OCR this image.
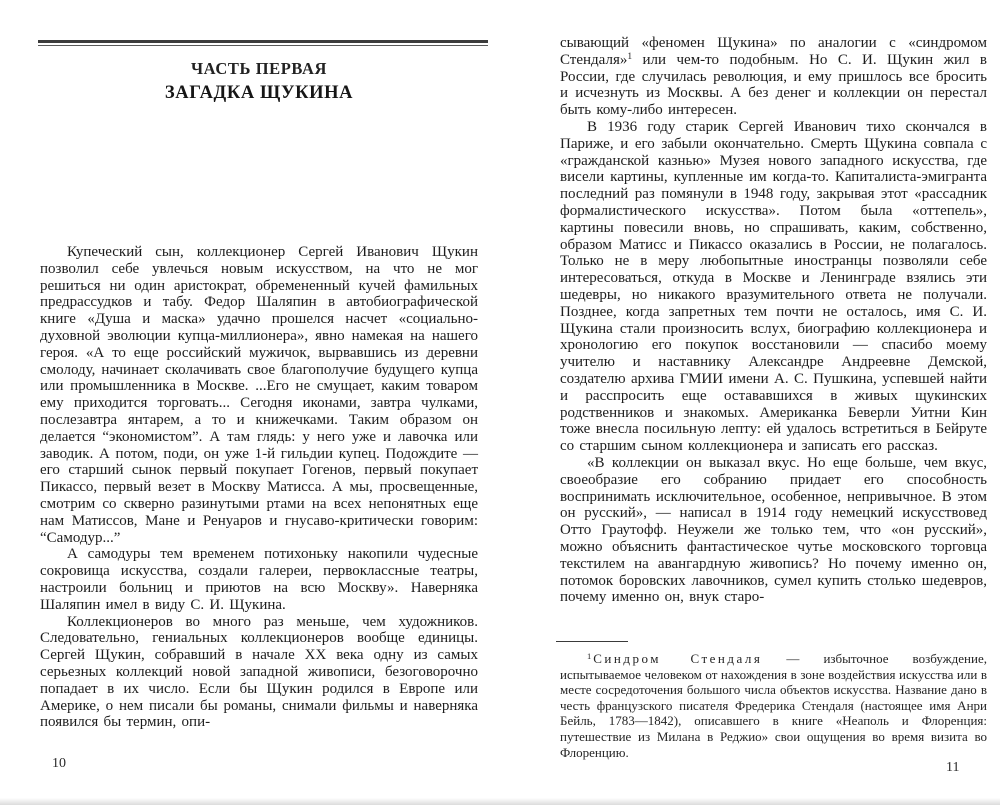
ЧАСТЬ ПЕРВАЯ
ЗАГАДКА ЩУКИНА

Купеческий сын, коллекционер Сергей Иванович Щукин позволил себе увлечься новым искусством, на что не мог решиться ни один аристократ, обремененный кучей фамильных предрассудков и табу. Федор Шаляпин в автобиографической книге «Душа и маска» удачно прошелся насчет «социально-духовной эволюции купца-миллионера», явно намекая на нашего героя. «А то еще российский мужичок, вырвавшись из деревни смолоду, начинает сколачивать свое благополучие будущего купца или промышленника в Москве. ...Его не смущает, каким товаром ему приходится торговать... Сегодня иконами, завтра чулками, послезавтра янтарем, а то и книжечками. Таким образом он делается “экономистом”. А там глядь: у него уже и лавочка или заводик. А потом, поди, он уже 1-й гильдии купец. Подождите — его старший сынок первый покупает Гогенов, первый покупает Пикассо, первый везет в Москву Матисса. А мы, просвещенные, смотрим со скверно разинутыми ртами на всех непонятных еще нам Матиссов, Мане и Ренуаров и гнусаво-критически говорим: “Самодур...”

А самодуры тем временем потихоньку накопили чудесные сокровища искусства, создали галереи, первоклассные театры, настроили больниц и приютов на всю Москву». Наверняка Шаляпин имел в виду С. И. Щукина.

Коллекционеров во много раз меньше, чем художников. Следовательно, гениальных коллекционеров вообще единицы. Сергей Щукин, собравший в начале XX века одну из самых серьезных коллекций новой западной живописи, безоговорочно попадает в их число. Если бы Щукин родился в Европе или Америке, о нем писали бы романы, снимали фильмы и наверняка появился бы термин, опи-

сывающий «феномен Щукина» по аналогии с «синдромом Стендаля»$^1$ или чем-то подобным. Но С. И. Щукин жил в России, где случилась революция, и ему пришлось все бросить и исчезнуть из Москвы. А без денег и коллекции он перестал быть кому-либо интересен.

В 1936 году старик Сергей Иванович тихо скончался в Париже, и его забыли окончательно. Смерть Щукина совпала с «гражданской казнью» Музея нового западного искусства, где висели картины, купленные им когда-то. Капиталиста-эмигранта последний раз помянули в 1948 году, закрывая этот «рассадник формалистического искусства». Потом была «оттепель», картины повесили вновь, но спрашивать, каким, собственно, образом Матисс и Пикассо оказались в России, не полагалось. Только не в меру любопытные иностранцы позволяли себе интересоваться, откуда в Москве и Ленинграде взялись эти шедевры, но никакого вразумительного ответа не получали. Позднее, когда запретных тем почти не осталось, имя С. И. Щукина стали произносить вслух, биографию коллекционера и хронологию его покупок восстановили — спасибо моему учителю и наставнику Александре Андреевне Демской, создателю архива ГМИИ имени А. С. Пушкина, успевшей найти и расспросить еще остававшихся в живых щукинских родственников и знакомых. Американка Беверли Уитни Кин тоже внесла посильную лепту: ей удалось встретиться в Бейруте со старшим сыном коллекционера и записать его рассказ.

«В коллекции он выказал вкус. Но еще больше, чем вкус, своеобразие его собранию придает его способность воспринимать исключительное, особенное, непривычное. В этом он русский», — написал в 1914 году немецкий искусствовед Отто Граутофф. Неужели же только тем, что «он русский», можно объяснить фантастическое чутье московского торговца текстилем на авангардную живопись? Но почему именно он, потомок боровских лавочников, сумел купить столько шедевров, почему именно он, внук старо-

$^1$ Синдром Стендаля — избыточное возбуждение, испытываемое человеком от нахождения в зоне воздействия искусства или в месте сосредоточения большого числа объектов искусства. Название дано в честь французского писателя Фредерика Стендаля (настоящее имя Анри Бейль, 1783—1842), описавшего в книге «Неаполь и Флоренция: путешествие из Милана в Реджио» свои ощущения во время визита во Флоренцию.

10	11
